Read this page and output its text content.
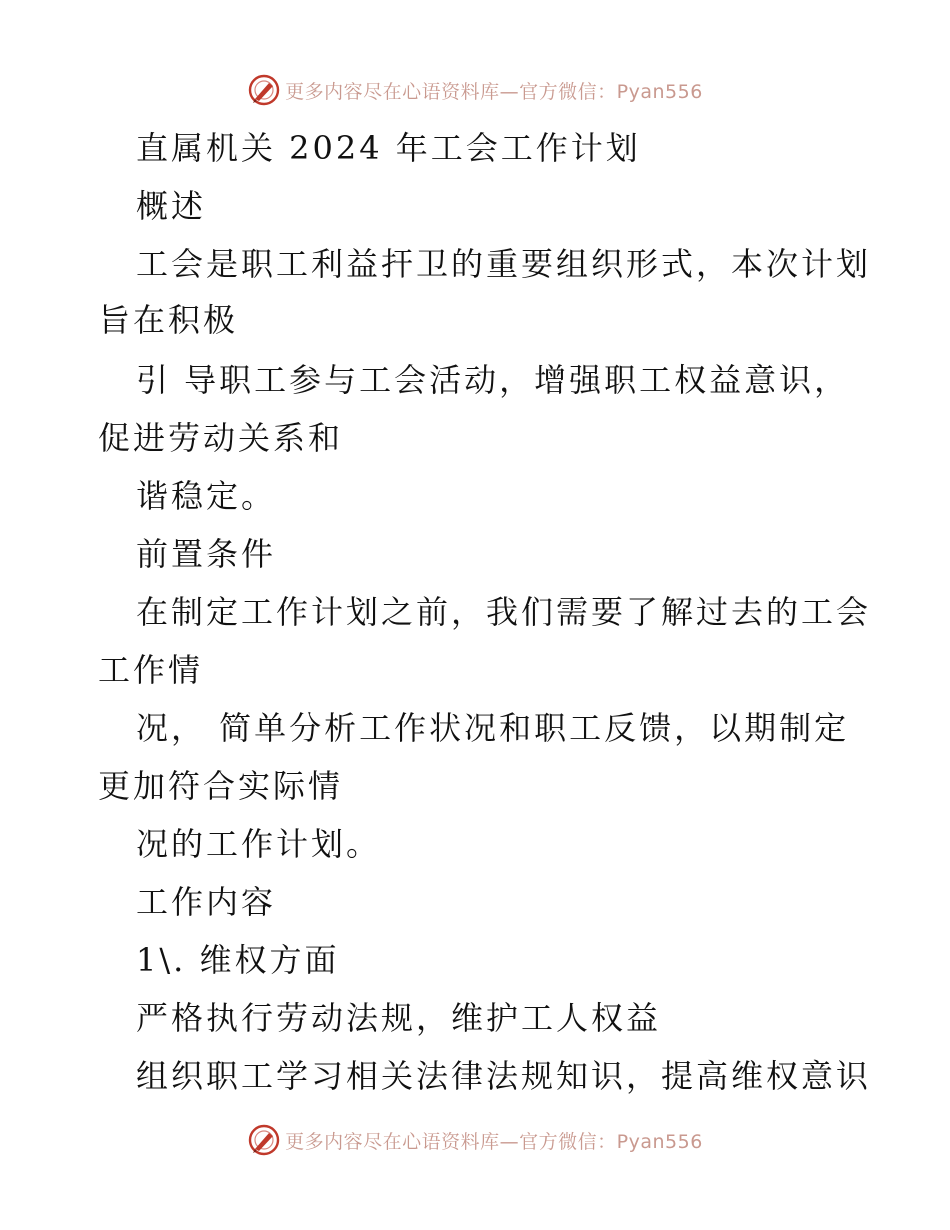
更多内容尽在心语资料库—官方微信：Pyan556
直属机关 2024 年工会工作计划
概述
工会是职工利益扞卫的重要组织形式，本次计划
旨在积极
引 导职工参与工会活动，增强职工权益意识，
促进劳动关系和
谐稳定。
前置条件
在制定工作计划之前，我们需要了解过去的工会
工作情
况， 简单分析工作状况和职工反馈，以期制定
更加符合实际情
况的工作计划。
工作内容
1\. 维权方面
严格执行劳动法规，维护工人权益
组织职工学习相关法律法规知识，提高维权意识
更多内容尽在心语资料库—官方微信：Pyan556
